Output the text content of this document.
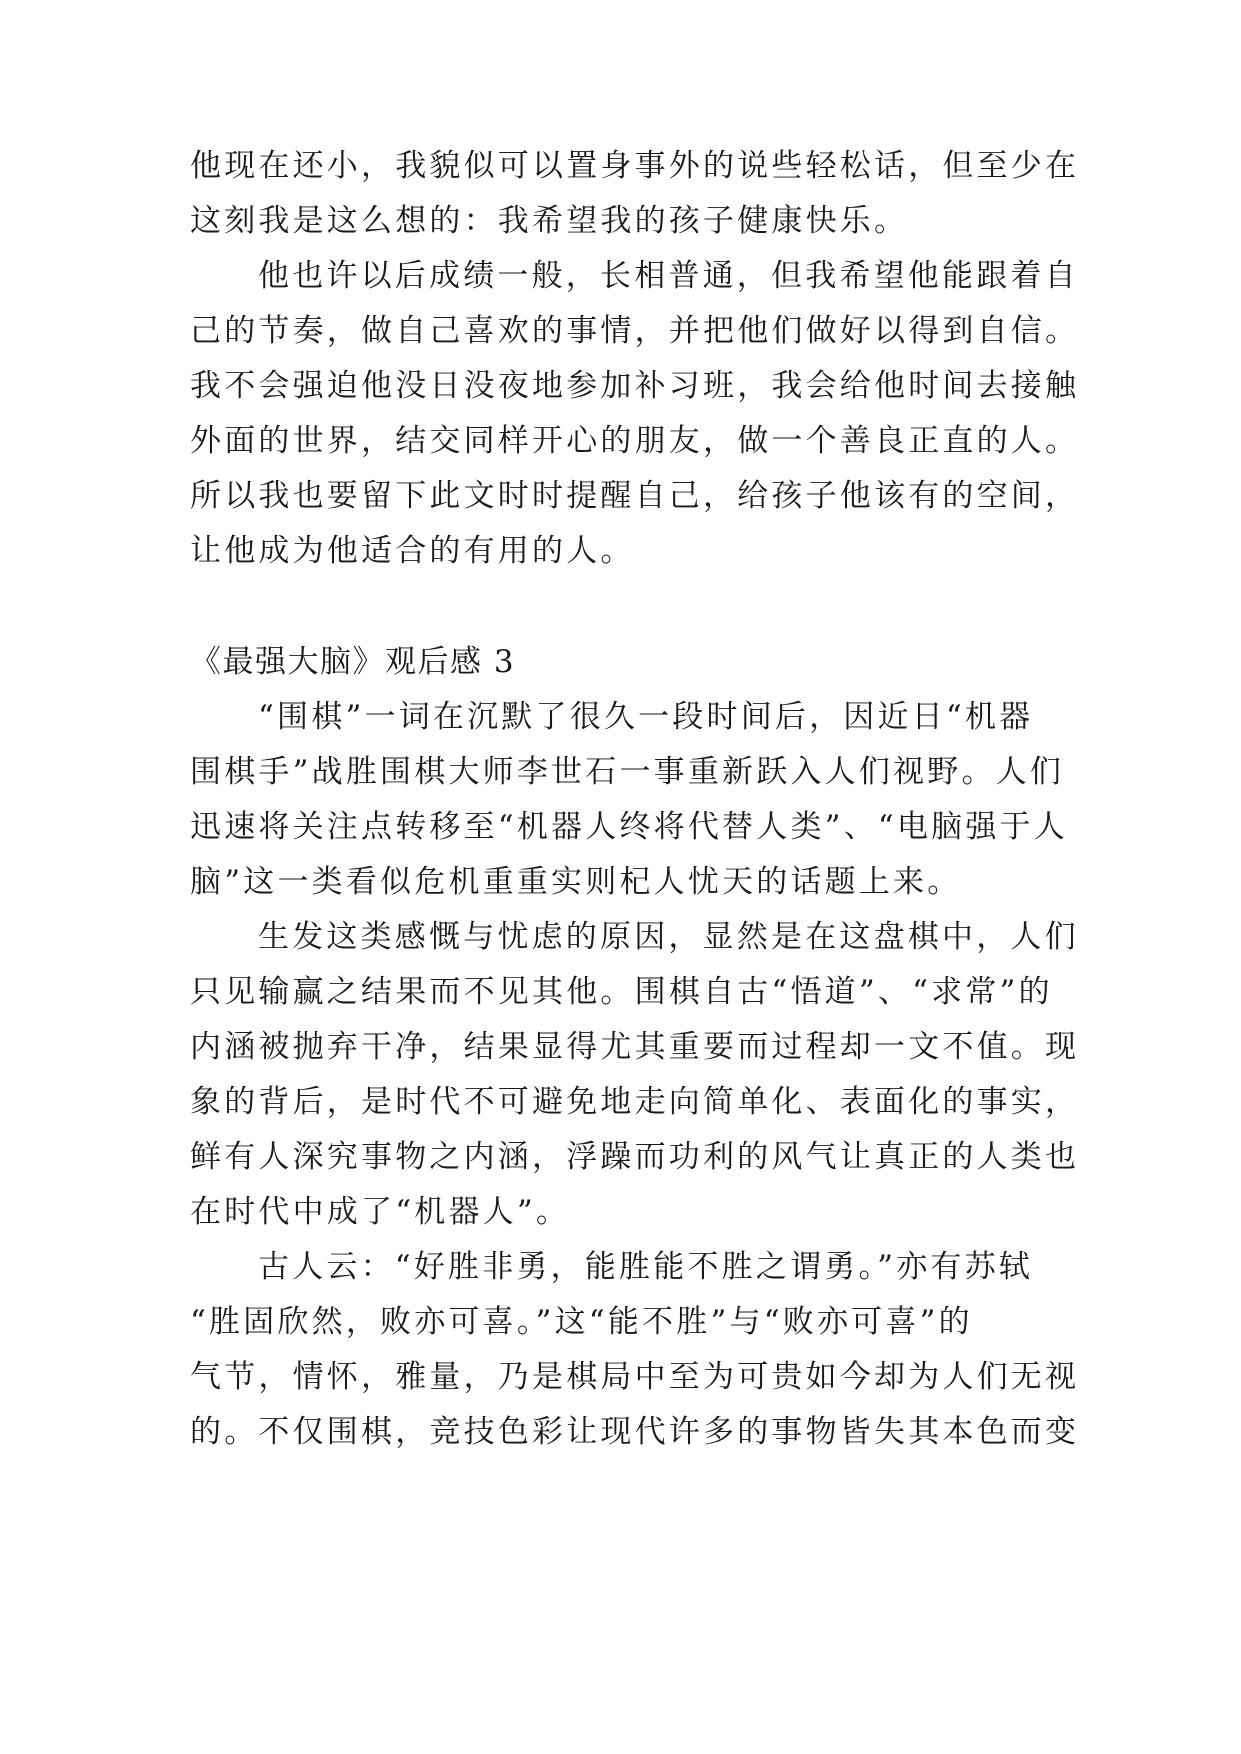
他现在还小，我貌似可以置身事外的说些轻松话，但至少在
这刻我是这么想的：我希望我的孩子健康快乐。
他也许以后成绩一般，长相普通，但我希望他能跟着自
己的节奏，做自己喜欢的事情，并把他们做好以得到自信。
我不会强迫他没日没夜地参加补习班，我会给他时间去接触
外面的世界，结交同样开心的朋友，做一个善良正直的人。
所以我也要留下此文时时提醒自己，给孩子他该有的空间，
让他成为他适合的有用的人。
《最强大脑》观后感 3
“围棋”一词在沉默了很久一段时间后，因近日“机器
围棋手”战胜围棋大师李世石一事重新跃入人们视野。人们
迅速将关注点转移至“机器人终将代替人类”、“电脑强于人
脑”这一类看似危机重重实则杞人忧天的话题上来。
生发这类感慨与忧虑的原因，显然是在这盘棋中，人们
只见输赢之结果而不见其他。围棋自古“悟道”、“求常”的
内涵被抛弃干净，结果显得尤其重要而过程却一文不值。现
象的背后，是时代不可避免地走向简单化、表面化的事实，
鲜有人深究事物之内涵，浮躁而功利的风气让真正的人类也
在时代中成了“机器人”。
古人云：“好胜非勇，能胜能不胜之谓勇。”亦有苏轼
“胜固欣然，败亦可喜。”这“能不胜”与“败亦可喜”的
气节，情怀，雅量，乃是棋局中至为可贵如今却为人们无视
的。不仅围棋，竞技色彩让现代许多的事物皆失其本色而变
